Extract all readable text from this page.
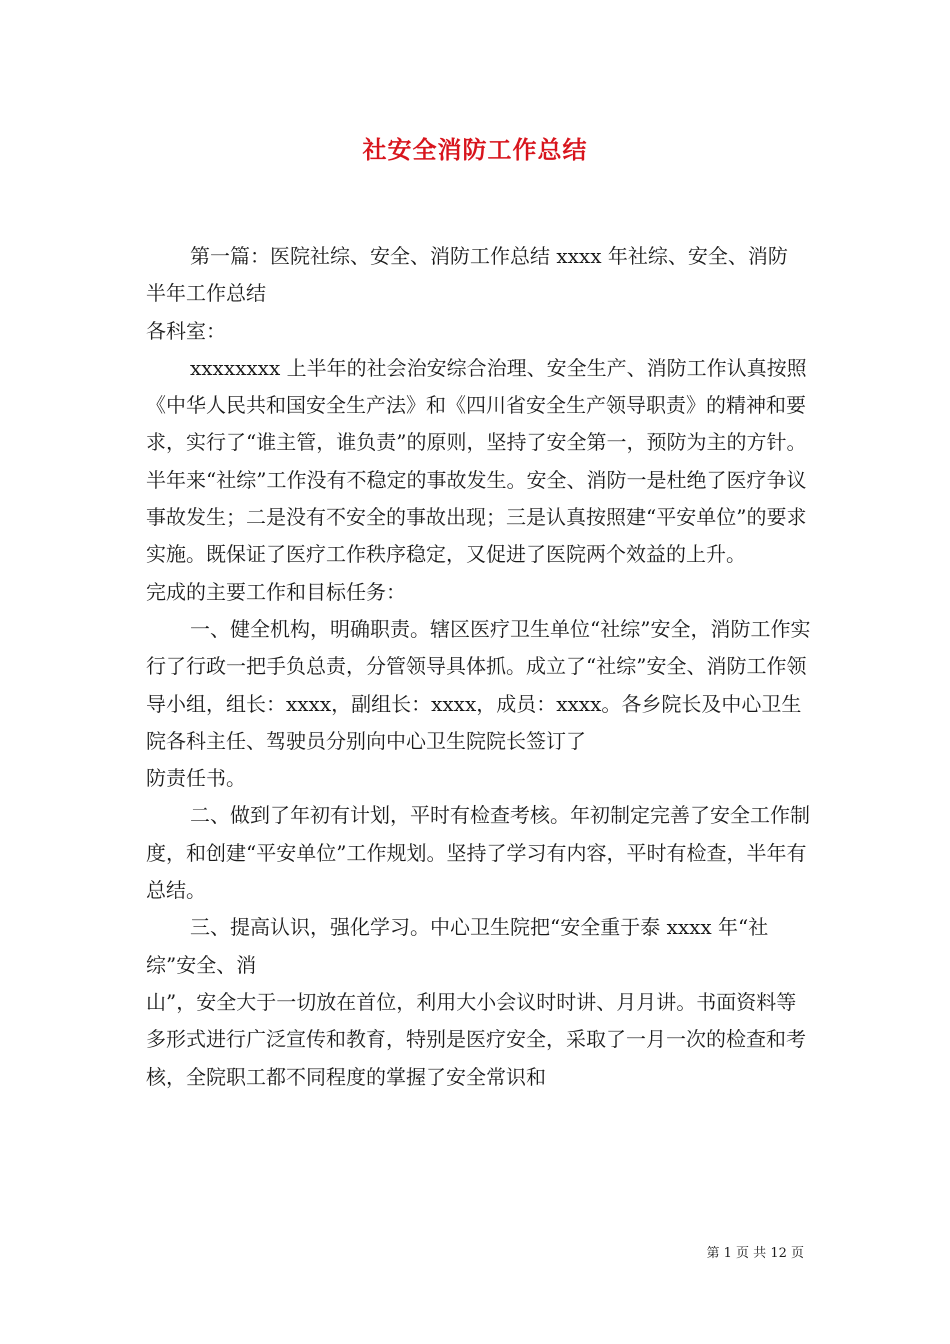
社安全消防工作总结

第一篇：医院社综、安全、消防工作总结 xxxx 年社综、安全、消防

半年工作总结

各科室：

xxxxxxxx 上半年的社会治安综合治理、安全生产、消防工作认真按照《中华人民共和国安全生产法》和《四川省安全生产领导职责》的精神和要求，实行了“谁主管，谁负责”的原则，坚持了安全第一，预防为主的方针。半年来“社综”工作没有不稳定的事故发生。安全、消防一是杜绝了医疗争议事故发生；二是没有不安全的事故出现；三是认真按照建“平安单位”的要求实施。既保证了医疗工作秩序稳定，又促进了医院两个效益的上升。

完成的主要工作和目标任务：

一、健全机构，明确职责。辖区医疗卫生单位“社综”安全，消防工作实行了行政一把手负总责，分管领导具体抓。成立了“社综”安全、消防工作领导小组，组长：xxxx，副组长：xxxx，成员：xxxx。各乡院长及中心卫生院各科主任、驾驶员分别向中心卫生院院长签订了

防责任书。

二、做到了年初有计划，平时有检查考核。年初制定完善了安全工作制度，和创建“平安单位”工作规划。坚持了学习有内容，平时有检查，半年有总结。

三、提高认识，强化学习。中心卫生院把“安全重于泰 xxxx 年“社综”安全、消

山”，安全大于一切放在首位，利用大小会议时时讲、月月讲。书面资料等多形式进行广泛宣传和教育，特别是医疗安全，采取了一月一次的检查和考核，全院职工都不同程度的掌握了安全常识和

第 1 页 共 12 页
